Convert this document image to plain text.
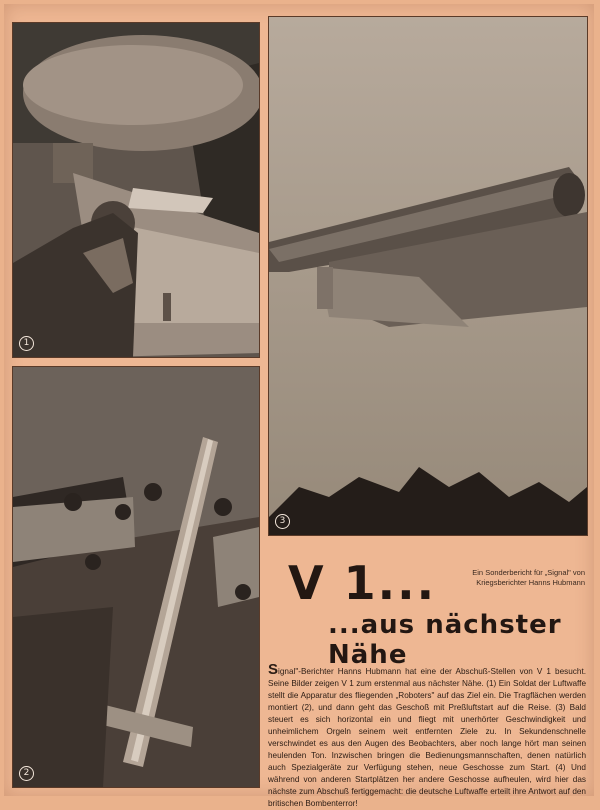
1
2
3
Ein Sonderbericht für „Signal" von Kriegsberichter Hanns Hubmann
V 1...
...aus nächster Nähe
Signal"-Berichter Hanns Hubmann hat eine der Abschuß-Stellen von V 1 besucht. Seine Bilder zeigen V 1 zum erstenmal aus nächster Nähe. (1) Ein Soldat der Luftwaffe stellt die Apparatur des fliegenden „Roboters" auf das Ziel ein. Die Tragflächen werden montiert (2), und dann geht das Geschoß mit Preßluftstart auf die Reise. (3) Bald steuert es sich horizontal ein und fliegt mit unerhörter Geschwindigkeit und unheimlichem Orgeln seinem weit entfernten Ziele zu. In Sekundenschnelle verschwindet es aus den Augen des Beobachters, aber noch lange hört man seinen heulenden Ton. Inzwischen bringen die Bedienungsmannschaften, denen natürlich auch Spezialgeräte zur Verfügung stehen, neue Geschosse zum Start. (4) Und während von anderen Startplätzen her andere Geschosse aufheulen, wird hier das nächste zum Abschuß fertiggemacht: die deutsche Luftwaffe erteilt ihre Antwort auf den britischen Bombenterror!
